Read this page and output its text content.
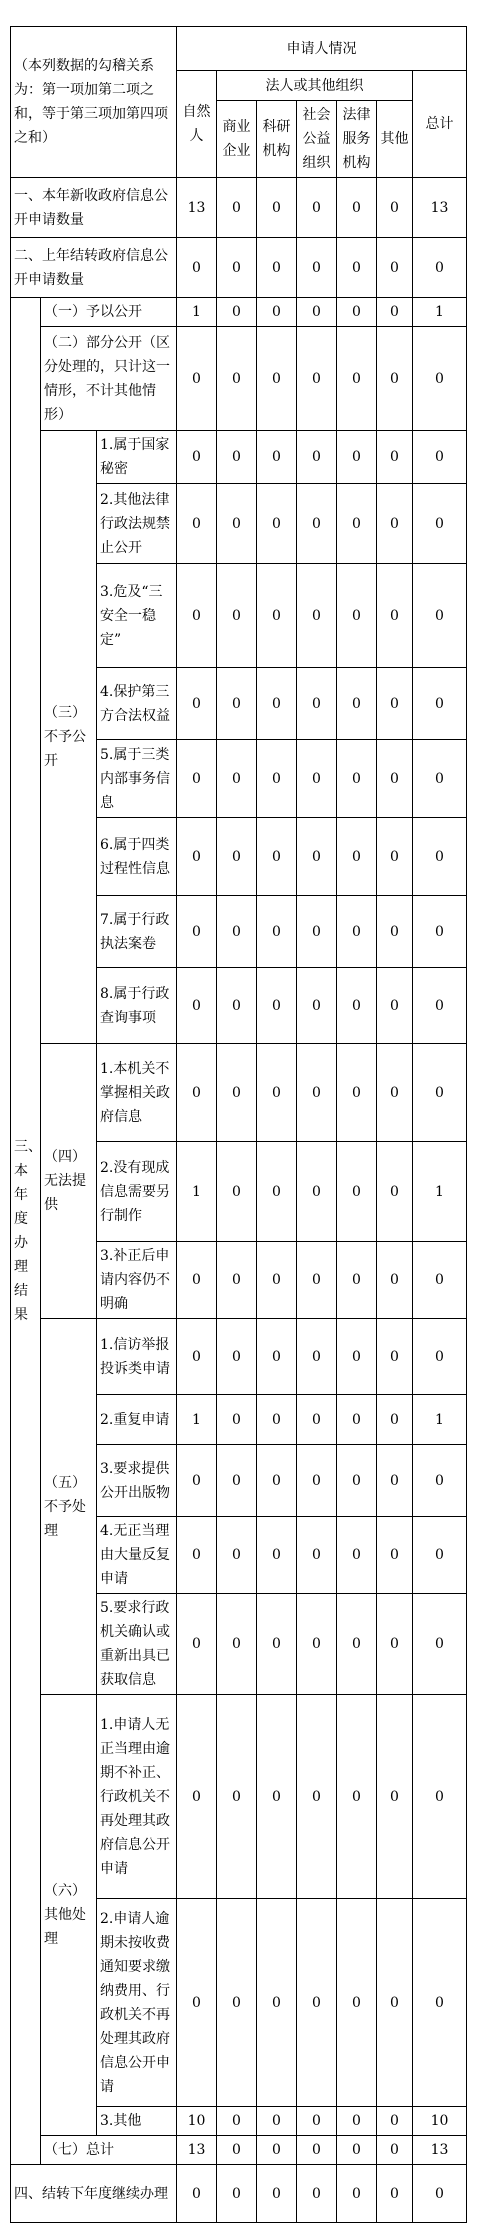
（本列数据的勾稽关系为：第一项加第二项之和，等于第三项加第四项之和）			申请人情况						
			自然人	法人或其他组织					总计
				商业企业	科研机构	社会公益组织	法律服务机构	其他	
一、本年新收政府信息公开申请数量			13	0	0	0	0	0	13
二、上年结转政府信息公开申请数量			0	0	0	0	0	0	0
三、本年度办理结果	（一）予以公开		1	0	0	0	0	0	1
	（二）部分公开（区分处理的，只计这一情形，不计其他情形）		0	0	0	0	0	0	0
	（三）不予公开	1.属于国家秘密	0	0	0	0	0	0	0
		2.其他法律行政法规禁止公开	0	0	0	0	0	0	0
		3.危及“三安全一稳定”	0	0	0	0	0	0	0
		4.保护第三方合法权益	0	0	0	0	0	0	0
		5.属于三类内部事务信息	0	0	0	0	0	0	0
		6.属于四类过程性信息	0	0	0	0	0	0	0
		7.属于行政执法案卷	0	0	0	0	0	0	0
		8.属于行政查询事项	0	0	0	0	0	0	0
	（四）无法提供	1.本机关不掌握相关政府信息	0	0	0	0	0	0	0
		2.没有现成信息需要另行制作	1	0	0	0	0	0	1
		3.补正后申请内容仍不明确	0	0	0	0	0	0	0
	（五）不予处理	1.信访举报投诉类申请	0	0	0	0	0	0	0
		2.重复申请	1	0	0	0	0	0	1
		3.要求提供公开出版物	0	0	0	0	0	0	0
		4.无正当理由大量反复申请	0	0	0	0	0	0	0
		5.要求行政机关确认或重新出具已获取信息	0	0	0	0	0	0	0
	（六）其他处理	1.申请人无正当理由逾期不补正、行政机关不再处理其政府信息公开申请	0	0	0	0	0	0	0
		2.申请人逾期未按收费通知要求缴纳费用、行政机关不再处理其政府信息公开申请	0	0	0	0	0	0	0
		3.其他	10	0	0	0	0	0	10
	（七）总计		13	0	0	0	0	0	13
四、结转下年度继续办理			0	0	0	0	0	0	0
